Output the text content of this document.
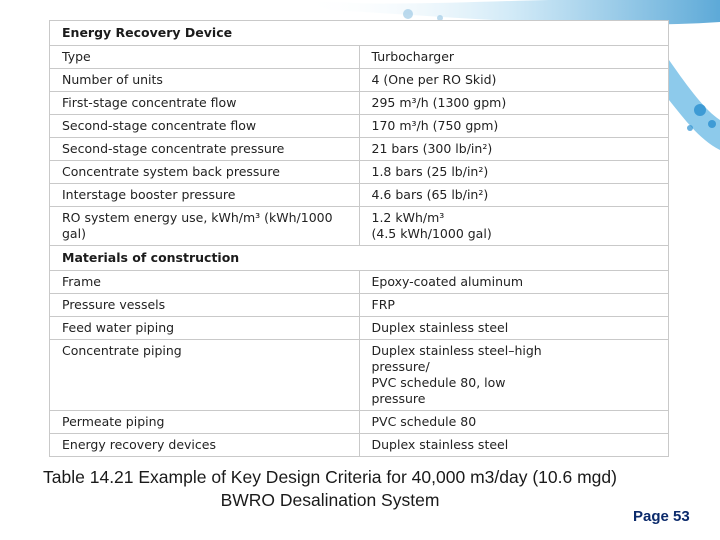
Energy Recovery Device	
Type	Turbocharger
Number of units	4 (One per RO Skid)
First-stage concentrate flow	295 m³/h (1300 gpm)
Second-stage concentrate flow	170 m³/h (750 gpm)
Second-stage concentrate pressure	21 bars (300 lb/in²)
Concentrate system back pressure	1.8 bars (25 lb/in²)
Interstage booster pressure	4.6 bars (65 lb/in²)
RO system energy use, kWh/m³ (kWh/1000 gal)	1.2 kWh/m³
(4.5 kWh/1000 gal)

Materials of construction	
Frame	Epoxy-coated aluminum
Pressure vessels	FRP
Feed water piping	Duplex stainless steel
Concentrate piping	Duplex stainless steel–high
pressure/
PVC schedule 80, low
pressure

Permeate piping	PVC schedule 80
Energy recovery devices	Duplex stainless steel
Table 14.21 Example of Key Design Criteria for 40,000 m3/day (10.6 mgd) BWRO Desalination System
Page 53
